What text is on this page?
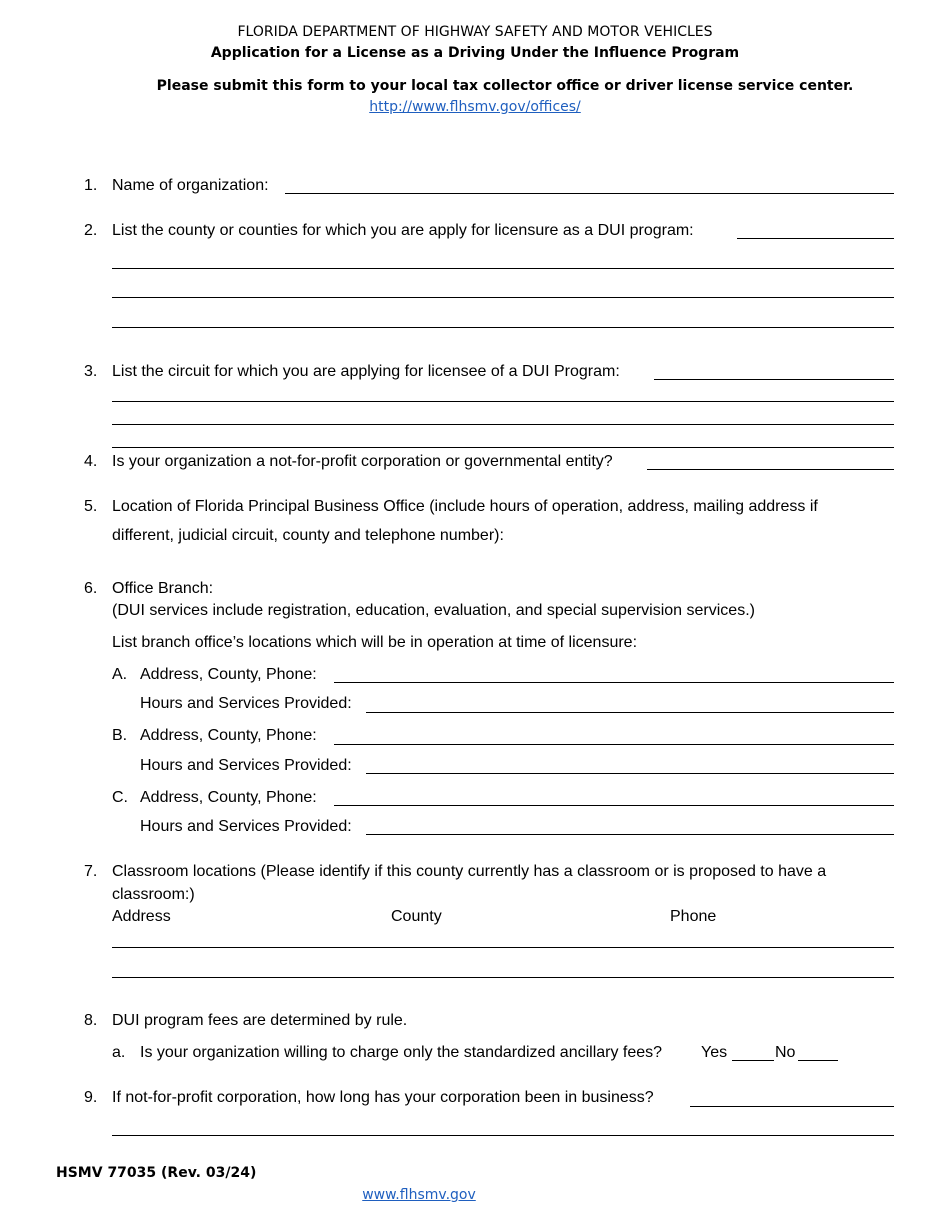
FLORIDA DEPARTMENT OF HIGHWAY SAFETY AND MOTOR VEHICLES
Application for a License as a Driving Under the Influence Program
Please submit this form to your local tax collector office or driver license service center.
http://www.flhsmv.gov/offices/
1. Name of organization:
2. List the county or counties for which you are apply for licensure as a DUI program:
3. List the circuit for which you are applying for licensee of a DUI Program:
4. Is your organization a not-for-profit corporation or governmental entity?
5. Location of Florida Principal Business Office (include hours of operation, address, mailing address if
different, judicial circuit, county and telephone number):
6. Office Branch:
(DUI services include registration, education, evaluation, and special supervision services.)
List branch office’s locations which will be in operation at time of licensure:
A. Address, County, Phone:
Hours and Services Provided:
B. Address, County, Phone:
Hours and Services Provided:
C. Address, County, Phone:
Hours and Services Provided:
7. Classroom locations (Please identify if this county currently has a classroom or is proposed to have a
classroom:)
Address	County	Phone
8. DUI program fees are determined by rule.
a. Is your organization willing to charge only the standardized ancillary fees? Yes	No
9. If not-for-profit corporation, how long has your corporation been in business?
HSMV 77035 (Rev. 03/24)
www.flhsmv.gov
